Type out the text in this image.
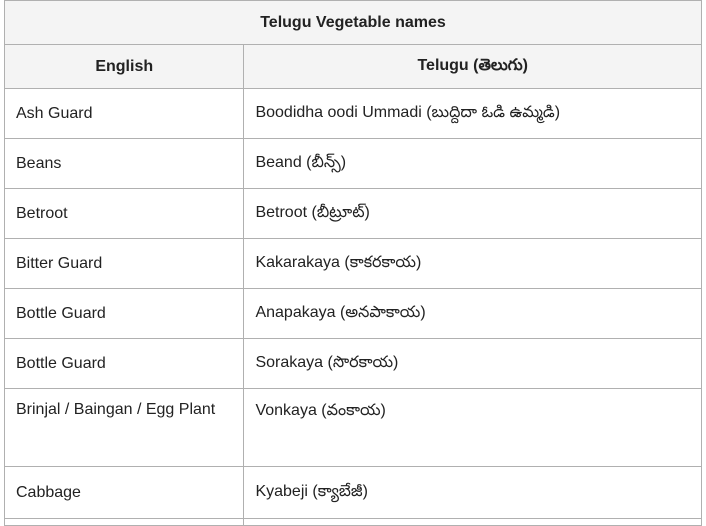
Telugu Vegetable names	
English	Telugu (తెలుగు)
Ash Guard	Boodidha oodi Ummadi (బుద్దిదా ఓడి ఉమ్మడి)
Beans	Beand (బీన్స్)
Betroot	Betroot (బీట్రూట్)
Bitter Guard	Kakarakaya (కాకరకాయ)
Bottle Guard	Anapakaya (అనపాకాయ)
Bottle Guard	Sorakaya (సొరకాయ)
Brinjal / Baingan / Egg Plant	Vonkaya (వంకాయ)
Cabbage	Kyabeji (క్యాబేజీ)
